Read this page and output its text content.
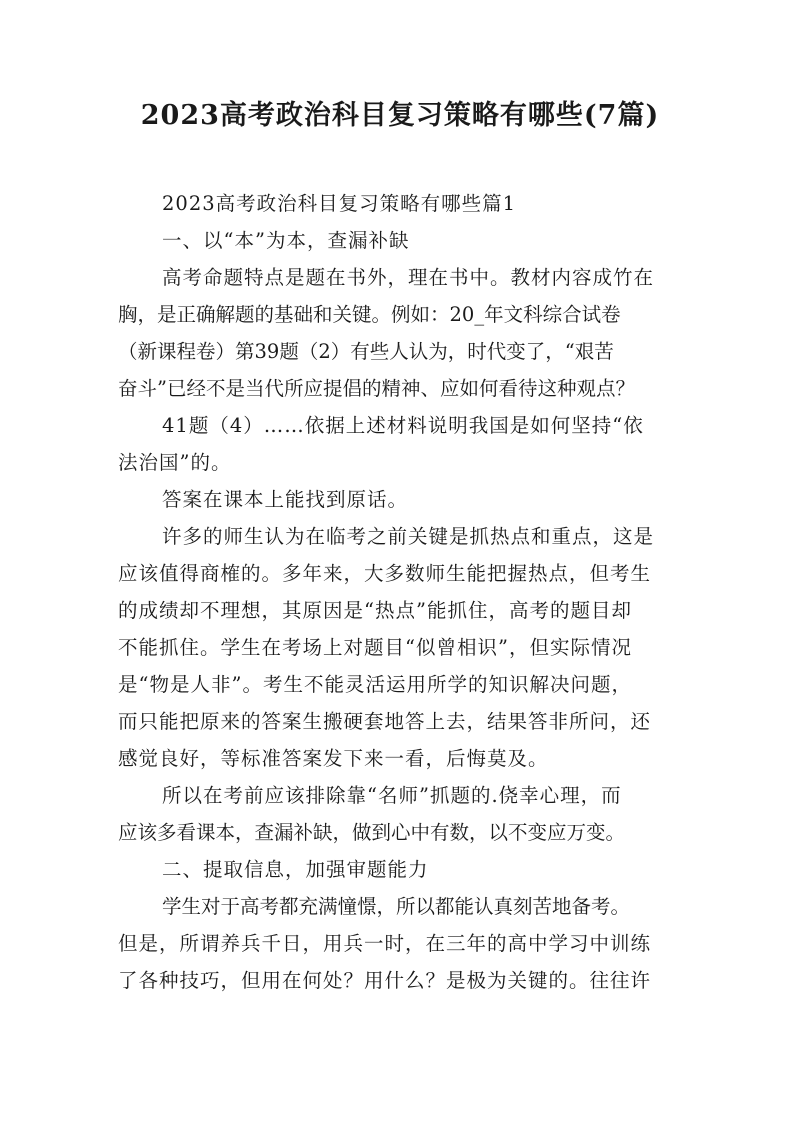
2023高考政治科目复习策略有哪些(7篇)
2023高考政治科目复习策略有哪些篇1
一、以“本”为本，查漏补缺
高考命题特点是题在书外，理在书中。教材内容成竹在
胸，是正确解题的基础和关键。例如：20_年文科综合试卷
（新课程卷）第39题（2）有些人认为，时代变了，“艰苦
奋斗”已经不是当代所应提倡的精神、应如何看待这种观点？
41题（4）……依据上述材料说明我国是如何坚持“依
法治国”的。
答案在课本上能找到原话。
许多的师生认为在临考之前关键是抓热点和重点，这是
应该值得商榷的。多年来，大多数师生能把握热点，但考生
的成绩却不理想，其原因是“热点”能抓住，高考的题目却
不能抓住。学生在考场上对题目“似曾相识”，但实际情况
是“物是人非”。考生不能灵活运用所学的知识解决问题，
而只能把原来的答案生搬硬套地答上去，结果答非所问，还
感觉良好，等标准答案发下来一看，后悔莫及。
所以在考前应该排除靠“名师”抓题的.侥幸心理，而
应该多看课本，查漏补缺，做到心中有数，以不变应万变。
二、提取信息，加强审题能力
学生对于高考都充满憧憬，所以都能认真刻苦地备考。
但是，所谓养兵千日，用兵一时，在三年的高中学习中训练
了各种技巧，但用在何处？用什么？是极为关键的。往往许
